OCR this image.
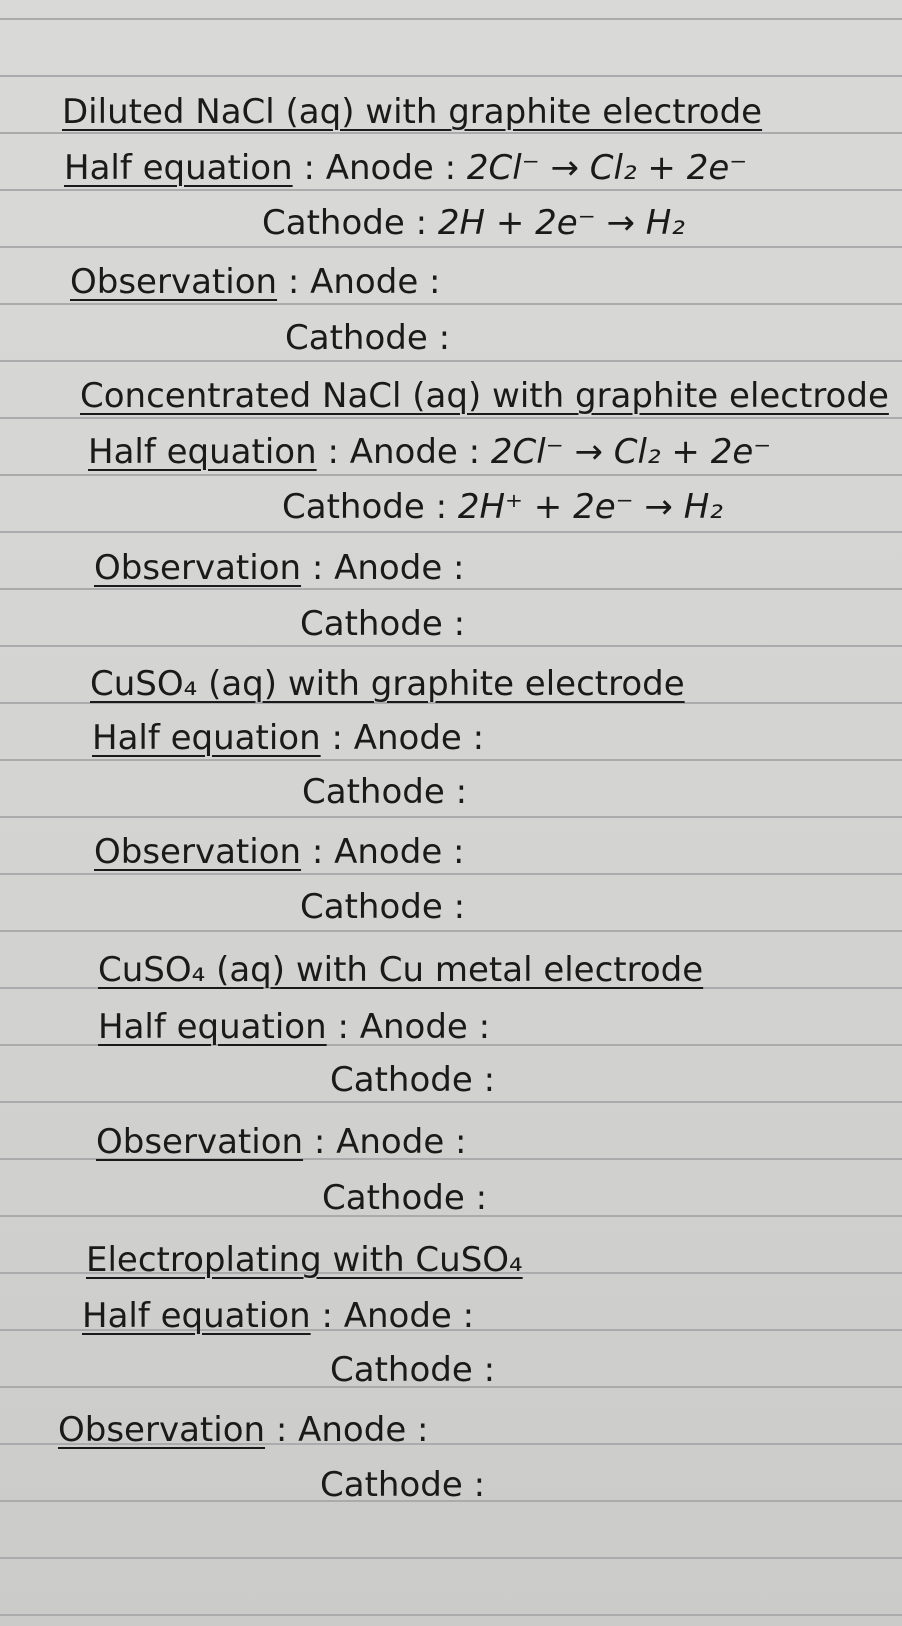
Diluted NaCl (aq) with graphite electrode
Half equation : Anode : 2Cl⁻ → Cl₂ + 2e⁻
Cathode : 2H + 2e⁻ → H₂
Observation : Anode :
Cathode :
Concentrated NaCl (aq) with graphite electrode
Half equation : Anode : 2Cl⁻ → Cl₂ + 2e⁻
Cathode : 2H⁺ + 2e⁻ → H₂
Observation : Anode :
Cathode :
CuSO₄ (aq) with graphite electrode
Half equation : Anode :
Cathode :
Observation : Anode :
Cathode :
CuSO₄ (aq) with Cu metal electrode
Half equation : Anode :
Cathode :
Observation : Anode :
Cathode :
Electroplating with CuSO₄
Half equation : Anode :
Cathode :
Observation : Anode :
Cathode :
